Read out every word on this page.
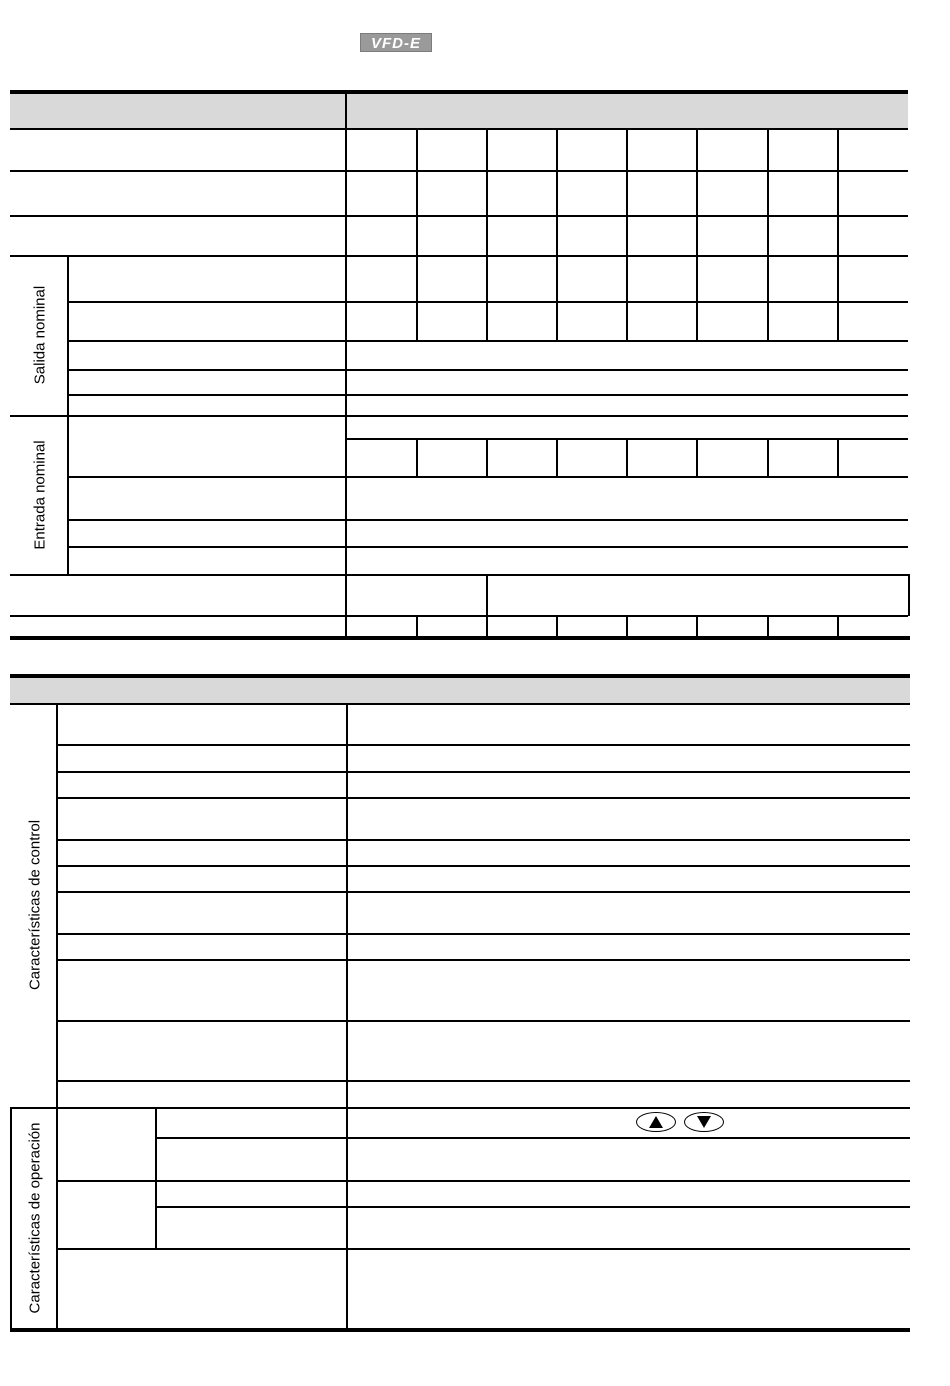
VFD-E
Salida nominal
Entrada nominal
Características de control
Características de operación
